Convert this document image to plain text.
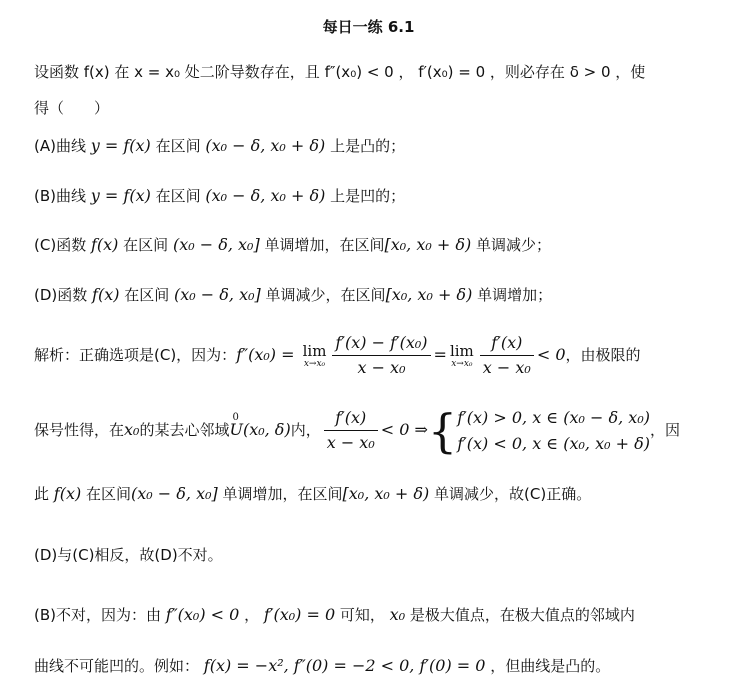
每日一练 6.1
设函数 f(x) 在 x = x₀ 处二阶导数存在，且 f″(x₀) < 0 ， f′(x₀) = 0 ，则必存在 δ > 0 ，使
得（　　）
(A)曲线 y = f(x) 在区间 (x₀ − δ, x₀ + δ) 上是凸的；
(B)曲线 y = f(x) 在区间 (x₀ − δ, x₀ + δ) 上是凹的；
(C)函数 f(x) 在区间 (x₀ − δ, x₀] 单调增加，在区间[x₀, x₀ + δ) 单调减少；
(D)函数 f(x) 在区间 (x₀ − δ, x₀] 单调减少，在区间[x₀, x₀ + δ) 单调增加；
解析：正确选项是(C)，因为：f″(x₀) = lim
$x\to x_0 \frac{\text{f′(x) − f′(x₀)}}{\text{x − x₀}} = \lim$
$x\to x_0 \frac{f'(x)}{\text{x − x₀}} < 0$，由极限的
保号性得，在x₀的某去心邻域
0
U(x₀, δ)内， $\frac{f'(x)}{\text{x − x₀}} < 0$ ⇒{ f′(x) > 0, x ∈ (x₀ − δ, x₀)
f′(x) < 0, x ∈ (x₀, x₀ + δ)
，因
此 f(x) 在区间(x₀ − δ, x₀] 单调增加，在区间[x₀, x₀ + δ) 单调减少，故(C)正确。
(D)与(C)相反，故(D)不对。
(B)不对，因为：由 f″(x₀) < 0 ， f′(x₀) = 0 可知， x₀ 是极大值点，在极大值点的邻域内
曲线不可能凹的。例如： f(x) = −x², f″(0) = −2 < 0, f′(0) = 0 ，但曲线是凸的。
